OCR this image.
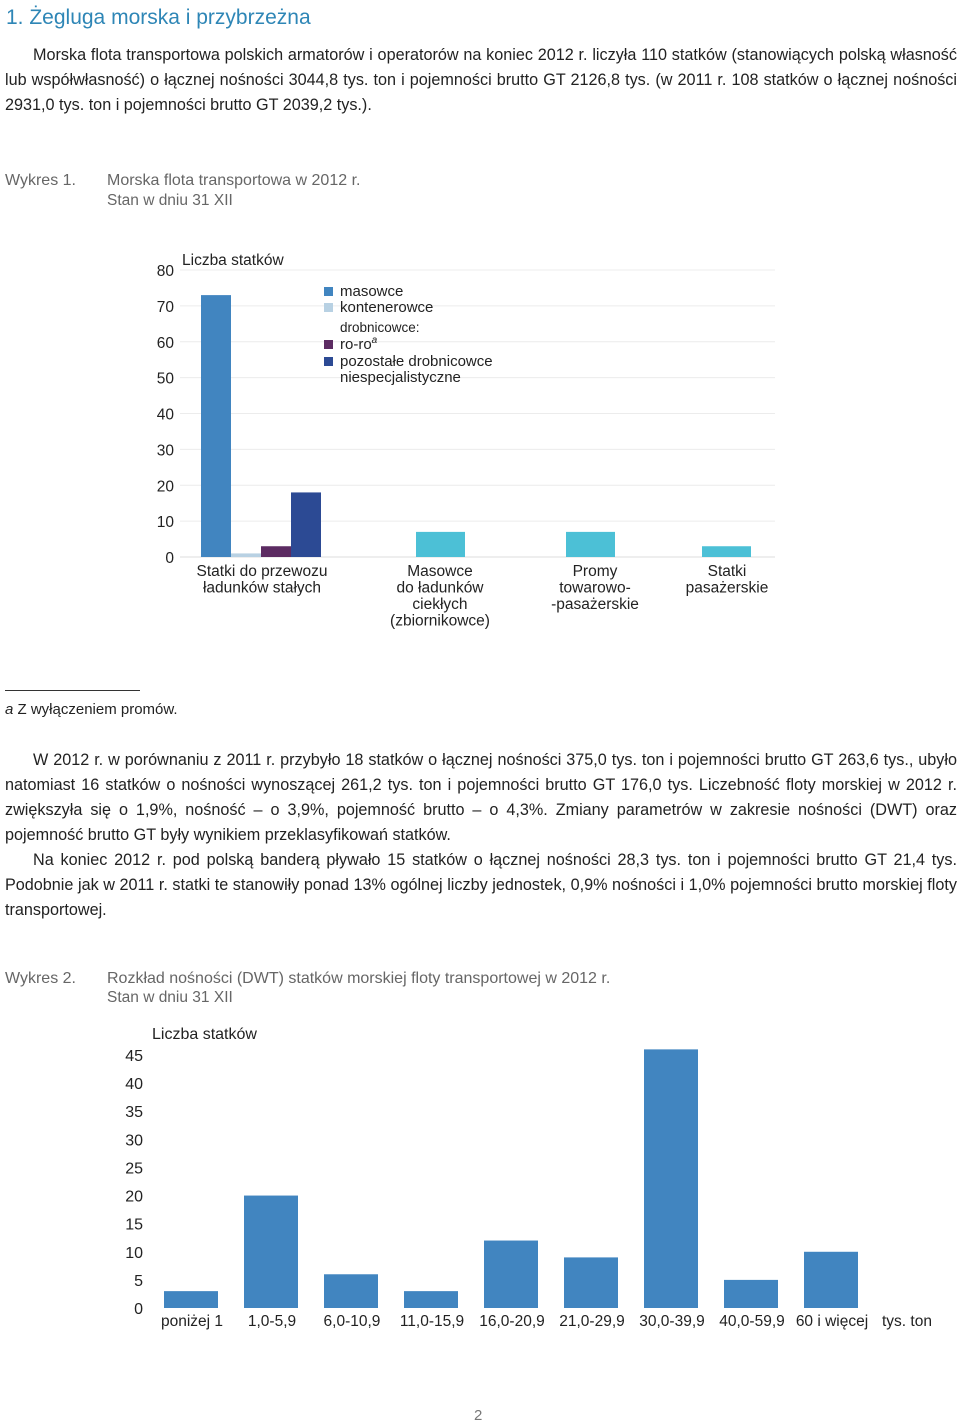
1. Żegluga morska i przybrzeżna

Morska flota transportowa polskich armatorów i operatorów na koniec 2012 r. liczyła 110 statków (stanowiących polską własność lub współwłasność) o łącznej nośności 3044,8 tys. ton i pojemności brutto GT 2126,8 tys. (w 2011 r. 108 statków o łącznej nośności 2931,0 tys. ton i pojemności brutto GT 2039,2 tys.).

Wykres 1. Morska flota transportowa w 2012 r.
Stan w dniu 31 XII
80
70
60
50
40
30
20
10
0
Liczba statków
Statki do przewozu
ładunków stałych
Masowce
do ładunków
ciekłych
(zbiornikowce)
Promy
towarowo-
-pasażerskie
Statki
pasażerskie
masowce
kontenerowce
drobnicowce:
$ro-ro^a$
pozostałe drobnicowce
niespecjalistyczne
a Z wyłączeniem promów.

W 2012 r. w porównaniu z 2011 r. przybyło 18 statków o łącznej nośności 375,0 tys. ton i pojemności brutto GT 263,6 tys., ubyło natomiast 16 statków o nośności wynoszącej 261,2 tys. ton i pojemności brutto GT 176,0 tys. Liczebność floty morskiej w 2012 r. zwiększyła się o 1,9%, nośność – o 3,9%, pojemność brutto – o 4,3%. Zmiany parametrów w zakresie nośności (DWT) oraz pojemność brutto GT były wynikiem przeklasyfikowań statków.

Na koniec 2012 r. pod polską banderą pływało 15 statków o łącznej nośności 28,3 tys. ton i pojemności brutto GT 21,4 tys. Podobnie jak w 2011 r. statki te stanowiły ponad 13% ogólnej liczby jednostek, 0,9% nośności i 1,0% pojemności brutto morskiej floty transportowej.

Wykres 2. Rozkład nośności (DWT) statków morskiej floty transportowej w 2012 r.
Stan w dniu 31 XII
Liczba statków
45
40
35
30
25
20
15
10
5
0
poniżej 1 1,0-5,9 6,0-10,9 11,0-15,9 16,0-20,9 21,0-29,9 30,0-39,9 40,0-59,9 60 i więcej tys. ton
2
